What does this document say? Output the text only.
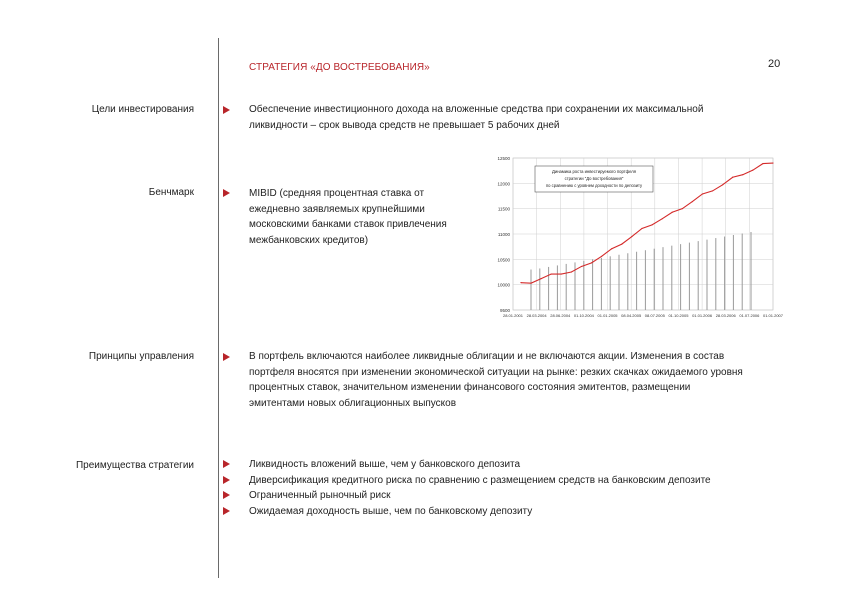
СТРАТЕГИЯ «ДО ВОСТРЕБОВАНИЯ»	20
Цели инвестирования	Обеспечение инвестиционного дохода на вложенные средства при сохранении их максимальной ликвидности – срок вывода средств не превышает 5 рабочих дней
Бенчмарк	MIBID (средняя процентная ставка от ежедневно заявляемых крупнейшими московскими банками ставок привлечения межбанковских кредитов)
12500
12000
11500
11000
10500
10000
9500
28.01.2001 28.03.2004 28.06.2004 01.10.2004 01.01.2005 08.04.2005 08.07.2005 01.10.2005 01.01.2006 28.03.2006 01.07.2006 01.01.2007
Динамика роста инвестируемого портфеля
стратегии "До востребования"
по сравнению с уровнем доходности по депозиту
Принципы управления	В портфель включаются наиболее ликвидные облигации и не включаются акции. Изменения в состав портфеля вносятся при изменении экономической ситуации на рынке: резких скачках ожидаемого уровня процентных ставок, значительном изменении финансового состояния эмитентов, размещении эмитентами новых облигационных выпусков
Преимущества стратегии	Ликвидность вложений выше, чем у банковского депозита
Диверсификация кредитного риска по сравнению с размещением средств на банковским депозите
Ограниченный рыночный риск
Ожидаемая доходность выше, чем по банковскому депозиту
